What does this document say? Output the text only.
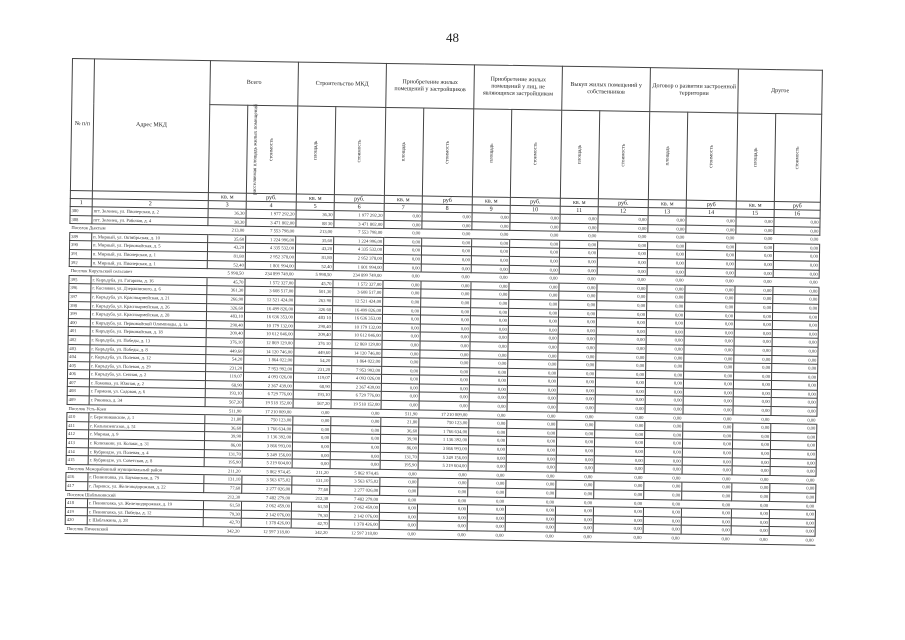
48
№ п/п	Адрес МКД	Всего		Строительство МКД		Приобретение жилых помещений у застройщиков		Приобретение жилых помещений у лиц, не являющихся застройщиком		Выкуп жилых помещений у собственников		Договор о развитии застроенной территории		Другое	
		расселяемая площадь жилых помещений	стоимость	площадь	стоимость	площадь	стоимость	площадь	стоимость	площадь	стоимость	площадь	стоимость	площадь	стоимость
		кв. м	руб.	кв. м	руб.	кв. м	руб	кв. м	руб.	кв. м	руб.	кв. м	руб	кв. м	руб
1	2	3	4	5	6	7	8	9	10	11	12	13	14	15	16
380	пгт. Зеленец, ул. Пионерская, д. 2	36,30	1 977 292,20	36,30	1 977 292,20	0,00	0,00	0,00	0,00	0,00	0,00	0,00	0,00	0,00	0,00
388	пгт. Зеленец, ул. Рабочая, д. 4	38,30	3 471 802,00	88 30	3 471 802,00	0,00	0,00	0,00	0,00	0,00	0,00	0,00	0,00	0,00	0,00
Поселок Дыктым		213,00	7 553 798,00	213,00	7 553 798,00	0,00	0,00	0,00	0,00	0,00	0,00	0,00	0,00	0,00	0,00
389	п. Мирный, ул. Октябрьская, д. 10	35,60	1 224 996,00	35,60	1 224 996,00	0,00	0,00	0,00	0,00	0,00	0,00	0,00	0,00	0,00	0,00
390	п. Мирный, ул. Первомайская, д. 5	43,20	4 335 532,00	43,20	4 335 532,00	0,00	0,00	0,00	0,00	0,00	0,00	0,00	0,00	0,00	0,00
391	п. Мирный, ул. Пионерская, д. 1	81,80	2 952 378,00	81,80	2 952 378,00	0,00	0,00	0,00	0,00	0,00	0,00	0,00	0,00	0,00	0,00
392	п. Мирный, ул. Пионерская, д. 1	52,40	1 801 994,00	52,40	1 801 994,00	0,00	0,00	0,00	0,00	0,00	0,00	0,00	0,00	0,00	0,00
Поселок Кирульский сельсовет		5 998,50	234 899 749,00	5 998,50	234 899 749,00	0,00	0,00	0,00	0,00	0,00	0,00	0,00	0,00	0,00	0,00
395	г. Киръдуба, ул. Гагарина, д. 16	45,70	1 572 327,00	45,70	1 572 327,00	0,00	0,00	0,00	0,00	0,00	0,00	0,00	0,00	0,00	0,00
396	г. Коснавки, ул. Дзержинского, д. 6	361,30	3 608 517,00	501,30	3 608 517,00	0,00	0,00	0,00	0,00	0,00	0,00	0,00	0,00	0,00	0,00
397	г. Киръдуба, ул. Красноармейская, д. 21	266,90	12 521 424,00	263 90	12 521 424,00	0,00	0,00	0,00	0,00	0,00	0,00	0,00	0,00	0,00	0,00
398	г. Киръдуба, ул. Красноармейская, д. 26	326,60	16 499 826,00	326 60	16 499 826,00	0,00	0,00	0,00	0,00	0,00	0,00	0,00	0,00	0,00	0,00
399	г. Киръдуба, ул. Красноармейская, д. 28	483,10	16 636 353,00	483 10	16 636 353,00	0,00	0,00	0,00	0,00	0,00	0,00	0,00	0,00	0,00	0,00
400	г. Киръдуба, ул. Первомайской Олимпиады, д. 1а	290,40	10 179 132,00	290,40	10 179 132,00	0,00	0,00	0,00	0,00	0,00	0,00	0,00	0,00	0,00	0,00
401	г. Киръдуба, ул. Первомайская, д. 18	209,40	10 612 046,00	209,40	10 612 046,00	0,00	0,00	0,00	0,00	0,00	0,00	0,00	0,00	0,00	0,00
402	г. Киръдуба, ул. Победы, д. 13	376,10	12 869 129,00	376 10	12 869 129,00	0,00	0,00	0,00	0,00	0,00	0,00	0,00	0,00	0,00	0,00
403	г. Киръдуба, ул. Победы, д. 8	449,60	14 120 746,00	449,60	14 120 746,00	0,00	0,00	0,00	0,00	0,00	0,00	0,00	0,00	0,00	0,00
404	г. Киръдуба, ул. Полевая, д. 12	54,20	1 864 022,00	54,20	1 864 022,00	0,00	0,00	0,00	0,00	0,00	0,00	0,00	0,00	0,00	0,00
405	г. Киръдуба, ул. Полевая, д. 29	231,20	7 953 992,00	231,20	7 953 992,00	0,00	0,00	0,00	0,00	0,00	0,00	0,00	0,00	0,00	0,00
406	г. Киръдуба, ул. Сенная, д. 2	119,07	4 093 026,00	119,07	4 093 026,00	0,00	0,00	0,00	0,00	0,00	0,00	0,00	0,00	0,00	0,00
407	г. Ломовка, ул. Южная, д. 2	68,90	2 367 439,00	68,90	2 367 439,00	0,00	0,00	0,00	0,00	0,00	0,00	0,00	0,00	0,00	0,00
408	г. Гармоня, ул. Садовая, д. 6	193,10	6 729 776,00	193,10	6 729 776,00	0,00	0,00	0,00	0,00	0,00	0,00	0,00	0,00	0,00	0,00
409	г. Рикинка, д. 34	567,20	19 518 152,00	567,20	19 518 152,00	0,00	0,00	0,00	0,00	0,00	0,00	0,00	0,00	0,00	0,00
Поселок Усть-Коен		511,90	17 210 009,00	0,00	0,00	511,90	17 210 009,00	0,00	0,00	0,00	0,00	0,00	0,00	0,00	0,00
410	г. Березниковские, д. 1	21,80	750 123,00	0,00	0,00	21,80	750 123,00	0,00	0,00	0,00	0,00	0,00	0,00	0,00	0,00
411	г. Кальвизенгазов, д. 51	36,60	1 766 634,00	0,00	0,00	36,60	1 766 634,00	0,00	0,00	0,00	0,00	0,00	0,00	0,00	0,00
412	г. Мирная, д. 9	39,90	1 136 392,00	0,00	0,00	39,90	1 136 392,00	0,00	0,00	0,00	0,00	0,00	0,00	0,00	0,00
413	г. Колизакин, ул. Колаки, д. 31	86,00	3 866 993,00	0,00	0,00	86,00	3 866 993,00	0,00	0,00	0,00	0,00	0,00	0,00	0,00	0,00
414	г. Кубриндзе, ул. Полевая, д. 4	131,70	5 249 156,00	0,00	0,00	131,70	5 249 156,00	0,00	0,00	0,00	0,00	0,00	0,00	0,00	0,00
415	г. Кубриндзе, ул. Советская, д. 8	195,90	5 219 604,00	0,00	0,00	195,90	5 219 604,00	0,00	0,00	0,00	0,00	0,00	0,00	0,00	0,00
Поселок Межорайонный муниципальный район		211,20	5 862 974,45	211,20	5 862 974,45	0,00	0,00	0,00	0,00	0,00	0,00	0,00	0,00	0,00	0,00
416	г. Пенинговка, ул. Бауманская, д. 79	131,10	3 563 675,02	131,10	3 563 675,02	0,00	0,00	0,00	0,00	0,00	0,00	0,00	0,00	0,00	0,00
417	г. Ларинск, ул. Железнодорожная, д. 22	77,60	2 277 026,00	77,60	2 277 026,00	0,00	0,00	0,00	0,00	0,00	0,00	0,00	0,00	0,00	0,00
Поселок Шаблыкинский		212,30	7 482 279,00	212,30	7 482 279,00	0,00	0,00	0,00	0,00	0,00	0,00	0,00	0,00	0,00	0,00
418	г. Пенинговка, ул. Железнодорожная, д. 19	61,50	2 062 459,00	61,50	2 062 459,00	0,00	0,00	0,00	0,00	0,00	0,00	0,00	0,00	0,00	0,00
419	г. Пенинговка, ул. Победы, д. 12	79,30	2 142 076,00	79,30	2 142 076,00	0,00	0,00	0,00	0,00	0,00	0,00	0,00	0,00	0,00	0,00
420	г. Шаблыкино, д. 28	42,70	1 378 426,00	42,70	1 378 426,00	0,00	0,00	0,00	0,00	0,00	0,00	0,00	0,00	0,00	0,00
Поселок Пичеевский		342,20	12 597 318,00	342,20	12 597 318,00	0,00	0,00	0,00	0,00	0,00	0,00	0,00	0,00	0,00	0,00
